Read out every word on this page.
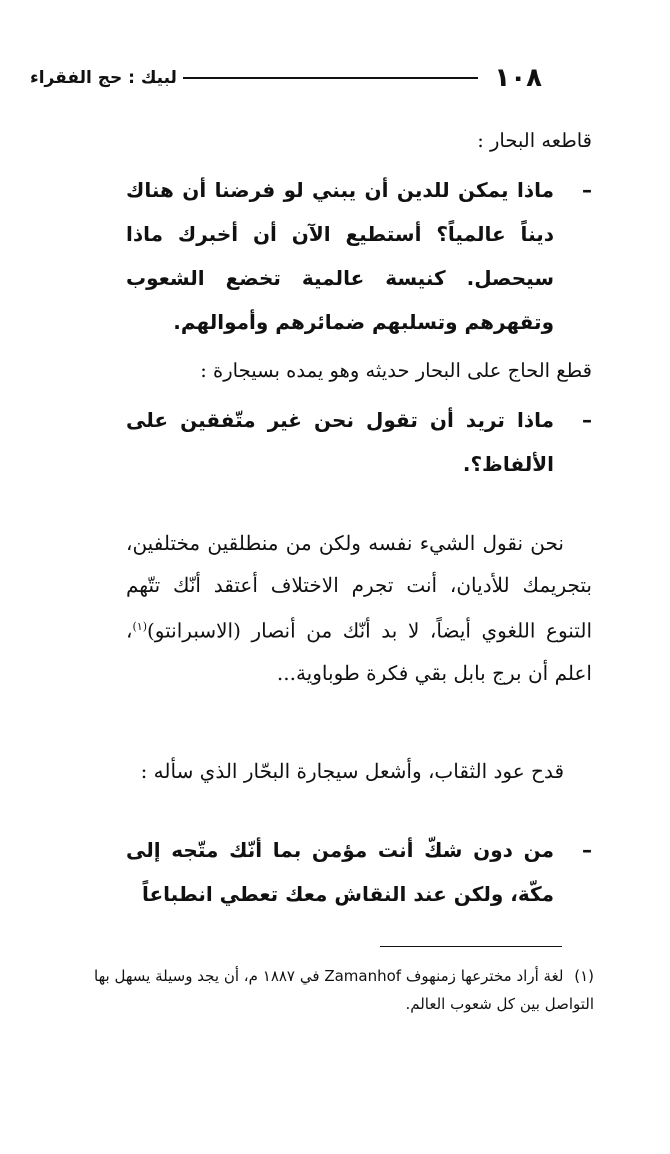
١٠٨
لبيك : حج الفقراء

قاطعه البحار :

–
ماذا يمكن للدين أن يبني لو فرضنا أن هناك ديناً عالمياً؟ أستطيع الآن أن أخبرك ماذا سيحصل. كنيسة عالمية تخضع الشعوب وتقهرهم وتسلبهم ضمائرهم وأموالهم.

قطع الحاج على البحار حديثه وهو يمده بسيجارة :

–
ماذا تريد أن تقول نحن غير متّفقين على الألفاظ؟.

نحن نقول الشيء نفسه ولكن من منطلقين مختلفين، بتجريمك للأديان، أنت تجرم الاختلاف أعتقد أنّك تتّهم التنوع اللغوي أيضاً، لا بد أنّك من أنصار (الاسبرانتو)$^{(١)}$، اعلم أن برج بابل بقي فكرة طوباوية...

قدح عود الثقاب، وأشعل سيجارة البحّار الذي سأله :

–
من دون شكّ أنت مؤمن بما أنّك متّجه إلى مكّة، ولكن عند النقاش معك تعطي انطباعاً
(١) لغة أراد مخترعها زمنهوف Zamanhof في ١٨٨٧ م، أن يجد وسيلة يسهل بها التواصل بين كل شعوب العالم.
